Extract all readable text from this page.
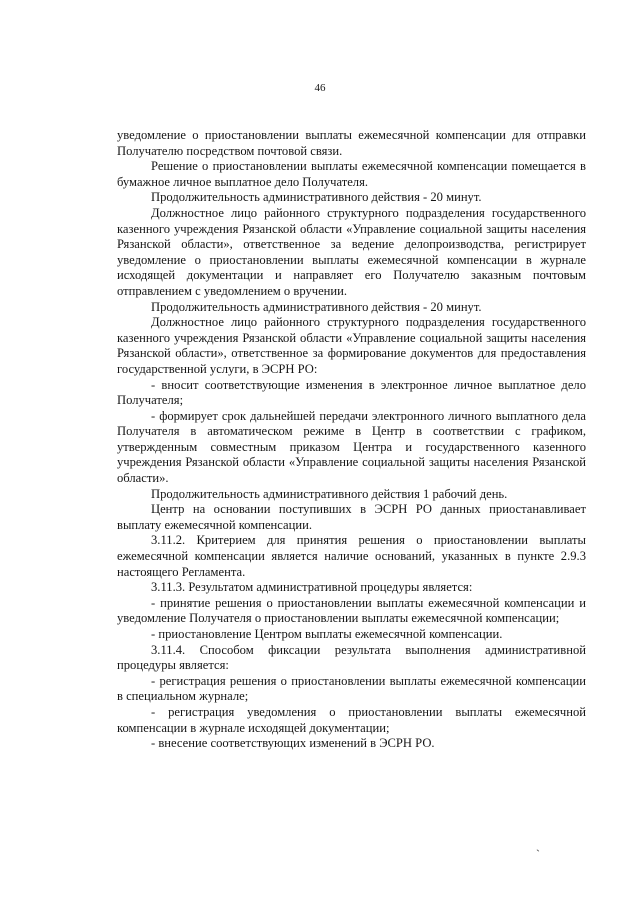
46

уведомление о приостановлении выплаты ежемесячной компенсации для отправки Получателю посредством почтовой связи.

Решение о приостановлении выплаты ежемесячной компенсации помещается в бумажное личное выплатное дело Получателя.

Продолжительность административного действия - 20 минут.

Должностное лицо районного структурного подразделения государственного казенного учреждения Рязанской области «Управление социальной защиты населения Рязанской области», ответственное за ведение делопроизводства, регистрирует уведомление о приостановлении выплаты ежемесячной компенсации в журнале исходящей документации и направляет его Получателю заказным почтовым отправлением с уведомлением о вручении.

Продолжительность административного действия - 20 минут.

Должностное лицо районного структурного подразделения государственного казенного учреждения Рязанской области «Управление социальной защиты населения Рязанской области», ответственное за формирование документов для предоставления государственной услуги, в ЭСРН РО:

- вносит соответствующие изменения в электронное личное выплатное дело Получателя;

- формирует срок дальнейшей передачи электронного личного выплатного дела Получателя в автоматическом режиме в Центр в соответствии с графиком, утвержденным совместным приказом Центра и государственного казенного учреждения Рязанской области «Управление социальной защиты населения Рязанской области».

Продолжительность административного действия 1 рабочий день.

Центр на основании поступивших в ЭСРН РО данных приостанавливает выплату ежемесячной компенсации.

3.11.2. Критерием для принятия решения о приостановлении выплаты ежемесячной компенсации является наличие оснований, указанных в пункте 2.9.3 настоящего Регламента.

3.11.3. Результатом административной процедуры является:

- принятие решения о приостановлении выплаты ежемесячной компенсации и уведомление Получателя о приостановлении выплаты ежемесячной компенсации;

- приостановление Центром выплаты ежемесячной компенсации.

3.11.4. Способом фиксации результата выполнения административной процедуры является:

- регистрация решения о приостановлении выплаты ежемесячной компенсации в специальном журнале;

- регистрация уведомления о приостановлении выплаты ежемесячной компенсации в журнале исходящей документации;

- внесение соответствующих изменений в ЭСРН РО.

ˎ
